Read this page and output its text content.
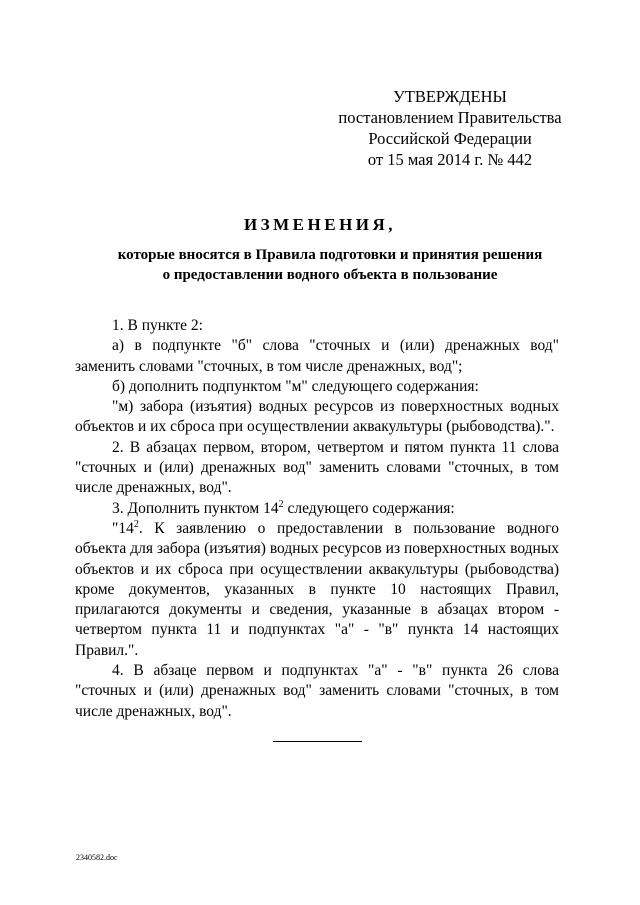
УТВЕРЖДЕНЫ
постановлением Правительства
Российской Федерации
от 15 мая 2014 г. № 442
ИЗМЕНЕНИЯ,
которые вносятся в Правила подготовки и принятия решения
о предоставлении водного объекта в пользование

1. В пункте 2:

а) в подпункте "б" слова "сточных и (или) дренажных вод" заменить словами "сточных, в том числе дренажных, вод";

б) дополнить подпунктом "м" следующего содержания:

"м) забора (изъятия) водных ресурсов из поверхностных водных объектов и их сброса при осуществлении аквакультуры (рыбоводства).".

2. В абзацах первом, втором, четвертом и пятом пункта 11 слова "сточных и (или) дренажных вод" заменить словами "сточных, в том числе дренажных, вод".

3. Дополнить пунктом $14^2$ следующего содержания:

"$14^2$. К заявлению о предоставлении в пользование водного объекта для забора (изъятия) водных ресурсов из поверхностных водных объектов и их сброса при осуществлении аквакультуры (рыбоводства) кроме документов, указанных в пункте 10 настоящих Правил, прилагаются документы и сведения, указанные в абзацах втором - четвертом пункта 11 и подпунктах "а" - "в" пункта 14 настоящих Правил.".

4. В абзаце первом и подпунктах "а" - "в" пункта 26 слова "сточных и (или) дренажных вод" заменить словами "сточных, в том числе дренажных, вод".

2340582.doc
